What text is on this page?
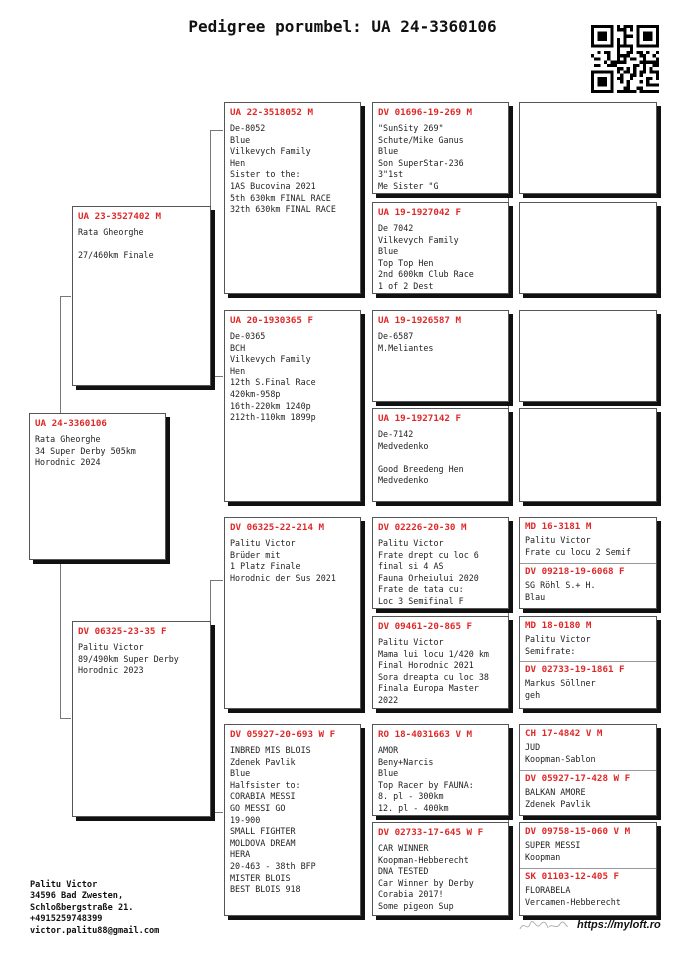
Pedigree porumbel: UA 24-3360106
UA 24-3360106
Rata Gheorghe
34 Super Derby 505km
Horodnic 2024
UA 23-3527402 M
Rata Gheorghe

27/460km Finale
DV 06325-23-35 F
Palitu Victor
89/490km Super Derby
Horodnic 2023
UA 22-3518052 M
De-8052
Blue
Vilkevych Family
Hen
Sister to the:
1AS Bucovina 2021
5th 630km FINAL RACE
32th 630km FINAL RACE
UA 20-1930365 F
De-0365
BCH
Vilkevych Family
Hen
12th S.Final Race
420km-958p
16th-220km 1240p
212th-110km 1899p
DV 06325-22-214 M
Palitu Victor
Brüder mit
1 Platz Finale
Horodnic der Sus 2021
DV 05927-20-693 W F
INBRED MIS BLOIS
Zdenek Pavlik
Blue
Halfsister to:
CORABIA MESSI
GO MESSI GO
19-900
SMALL FIGHTER
MOLDOVA DREAM
HERA
20-463 - 38th BFP
MISTER BLOIS
BEST BLOIS 918
DV 01696-19-269 M
"SunSity 269"
Schute/Mike Ganus
Blue
Son SuperStar-236
3"1st
Me Sister "G
UA 19-1927042 F
De 7042
Vilkevych Family
Blue
Top Top Hen
2nd 600km Club Race
1 of 2 Dest
UA 19-1926587 M
De-6587
M.Meliantes
UA 19-1927142 F
De-7142
Medvedenko

Good Breedeng Hen
Medvedenko
DV 02226-20-30 M
Palitu Victor
Frate drept cu loc 6
final si 4 AS
Fauna Orheiului 2020
Frate de tata cu:
Loc 3 Semifinal F
DV 09461-20-865 F
Palitu Victor
Mama lui locu 1/420 km
Final Horodnic 2021
Sora dreapta cu loc 38
Finala Europa Master
2022
RO 18-4031663 V M
AMOR
Beny+Narcis
Blue
Top Racer by FAUNA:
8. pl - 300km
12. pl - 400km
DV 02733-17-645 W F
CAR WINNER
Koopman-Hebberecht
DNA TESTED
Car Winner by Derby
Corabia 2017!
Some pigeon Sup
MD 16-3181 M
Palitu Victor
Frate cu locu 2 Semif
DV 09218-19-6068 F
SG Röhl S.+ H.
Blau
MD 18-0180 M
Palitu Victor
Semifrate:
DV 02733-19-1861 F
Markus Söllner
geh
CH 17-4842 V M
JUD
Koopman-Sablon
DV 05927-17-428 W F
BALKAN AMORE
Zdenek Pavlik
DV 09758-15-060 V M
SUPER MESSI
Koopman
SK 01103-12-405 F
FLORABELA
Vercamen-Hebberecht
Palitu Victor
34596 Bad Zwesten,
Schloßbergstraße 21.
+4915259748399
victor.palitu88@gmail.com	https://myloft.ro
